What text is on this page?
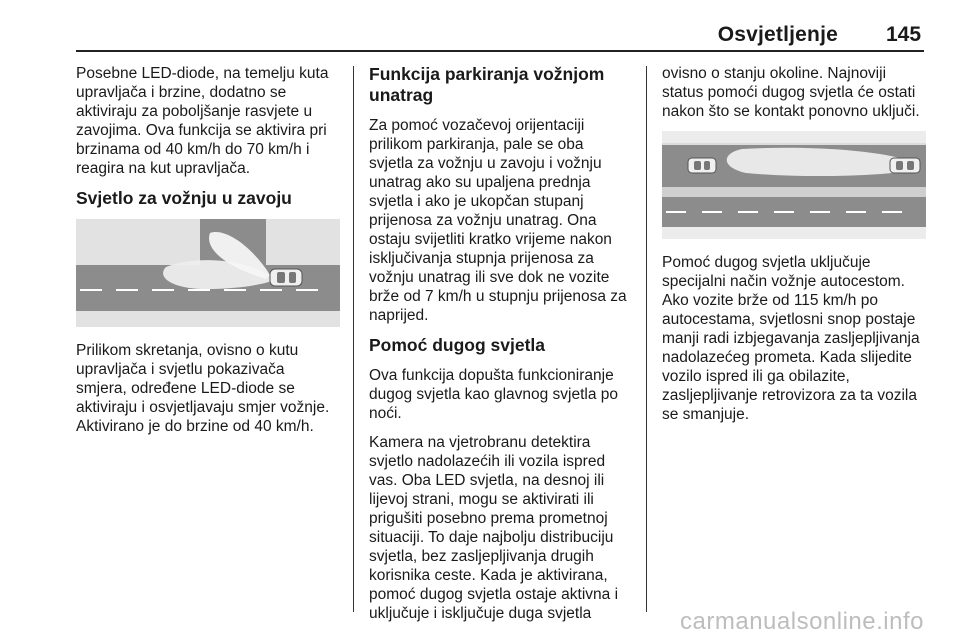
Osvjetljenje 145

Posebne LED-diode, na temelju kuta
upravljača i brzine, dodatno se
aktiviraju za poboljšanje rasvjete u
zavojima. Ova funkcija se aktivira pri
brzinama od 40 km/h do 70 km/h i
reagira na kut upravljača.

Svjetlo za vožnju u zavoju

Prilikom skretanja, ovisno o kutu
upravljača i svjetlu pokazivača
smjera, određene LED-diode se
aktiviraju i osvjetljavaju smjer vožnje.
Aktivirano je do brzine od 40 km/h.

Funkcija parkiranja vožnjom
unatrag

Za pomoć vozačevoj orijentaciji
prilikom parkiranja, pale se oba
svjetla za vožnju u zavoju i vožnju
unatrag ako su upaljena prednja
svjetla i ako je ukopčan stupanj
prijenosa za vožnju unatrag. Ona
ostaju svijetliti kratko vrijeme nakon
isključivanja stupnja prijenosa za
vožnju unatrag ili sve dok ne vozite
brže od 7 km/h u stupnju prijenosa za
naprijed.

Pomoć dugog svjetla

Ova funkcija dopušta funkcioniranje
dugog svjetla kao glavnog svjetla po
noći.

Kamera na vjetrobranu detektira
svjetlo nadolazećih ili vozila ispred
vas. Oba LED svjetla, na desnoj ili
lijevoj strani, mogu se aktivirati ili
prigušiti posebno prema prometnoj
situaciji. To daje najbolju distribuciju
svjetla, bez zasljepljivanja drugih
korisnika ceste. Kada je aktivirana,
pomoć dugog svjetla ostaje aktivna i
uključuje i isključuje duga svjetla

ovisno o stanju okoline. Najnoviji
status pomoći dugog svjetla će ostati
nakon što se kontakt ponovno uključi.

Pomoć dugog svjetla uključuje
specijalni način vožnje autocestom.
Ako vozite brže od 115 km/h po
autocestama, svjetlosni snop postaje
manji radi izbjegavanja zasljepljivanja
nadolazećeg prometa. Kada slijedite
vozilo ispred ili ga obilazite,
zasljepljivanje retrovizora za ta vozila
se smanjuje.

carmanualsonline.info
